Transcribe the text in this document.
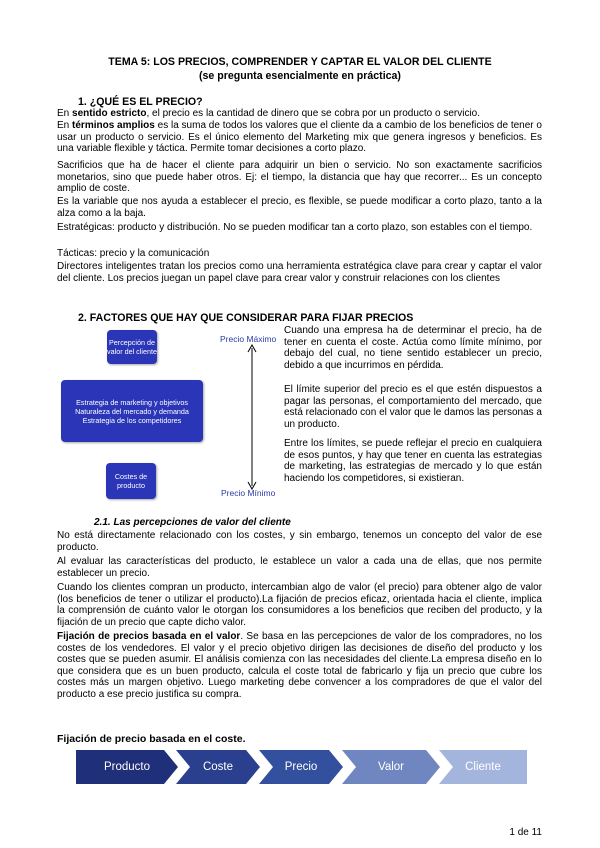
TEMA 5: LOS PRECIOS, COMPRENDER Y CAPTAR EL VALOR DEL CLIENTE
(se pregunta esencialmente en práctica)
1. ¿QUÉ ES EL PRECIO?

En sentido estricto, el precio es la cantidad de dinero que se cobra por un producto o servicio.

En términos amplios es la suma de todos los valores que el cliente da a cambio de los beneficios de tener o usar un producto o servicio. Es el único elemento del Marketing mix que genera ingresos y beneficios. Es una variable flexible y táctica. Permite tomar decisiones a corto plazo.

Sacrificios que ha de hacer el cliente para adquirir un bien o servicio. No son exactamente sacrificios monetarios, sino que puede haber otros. Ej: el tiempo, la distancia que hay que recorrer... Es un concepto amplio de coste.

Es la variable que nos ayuda a establecer el precio, es flexible, se puede modificar a corto plazo, tanto a la alza como a la baja.

Estratégicas: producto y distribución. No se pueden modificar tan a corto plazo, son estables con el tiempo.

Tácticas: precio y la comunicación

Directores inteligentes tratan los precios como una herramienta estratégica clave para crear y captar el valor del cliente. Los precios juegan un papel clave para crear valor y construir relaciones con los clientes

2. FACTORES QUE HAY QUE CONSIDERAR PARA FIJAR PRECIOS
Percepción de valor del cliente
Estrategia de marketing y objetivos Naturaleza del mercado y demanda Estrategia de los competidores
Costes de producto
Precio Máximo
Precio Mínimo

Cuando una empresa ha de determinar el precio, ha de tener en cuenta el coste. Actúa como límite mínimo, por debajo del cual, no tiene sentido establecer un precio, debido a que incurrimos en pérdida.

El límite superior del precio es el que estén dispuestos a pagar las personas, el comportamiento del mercado, que está relacionado con el valor que le damos las personas a un producto.

Entre los límites, se puede reflejar el precio en cualquiera de esos puntos, y hay que tener en cuenta las estrategias de marketing, las estrategias de mercado y lo que están haciendo los competidores, si existieran.

2.1. Las percepciones de valor del cliente

No está directamente relacionado con los costes, y sin embargo, tenemos un concepto del valor de ese producto.

Al evaluar las características del producto, le establece un valor a cada una de ellas, que nos permite establecer un precio.

Cuando los clientes compran un producto, intercambian algo de valor (el precio) para obtener algo de valor (los beneficios de tener o utilizar el producto).La fijación de precios eficaz, orientada hacia el cliente, implica la comprensión de cuánto valor le otorgan los consumidores a los beneficios que reciben del producto, y la fijación de un precio que capte dicho valor.

Fijación de precios basada en el valor. Se basa en las percepciones de valor de los compradores, no los costes de los vendedores. El valor y el precio objetivo dirigen las decisiones de diseño del producto y los costes que se pueden asumir. El análisis comienza con las necesidades del cliente.La empresa diseño en lo que considera que es un buen producto, calcula el coste total de fabricarlo y fija un precio que cubre los costes más un margen objetivo. Luego marketing debe convencer a los compradores de que el valor del producto a ese precio justifica su compra.

Fijación de precio basada en el coste.
Producto	Coste	Precio	Valor	Cliente
1 de 11
